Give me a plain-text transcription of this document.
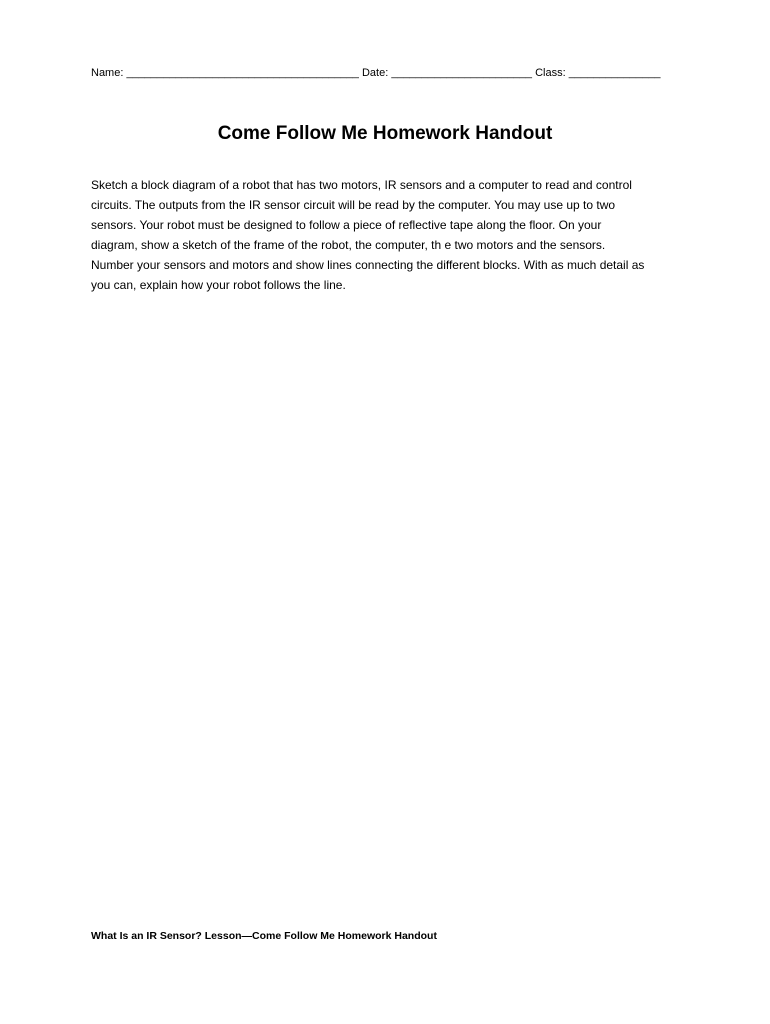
Name: ______________________________________ Date: _______________________ Class: _______________
Come Follow Me Homework Handout

Sketch a block diagram of a robot that has two motors, IR sensors and a computer to read and control

circuits. The outputs from the IR sensor circuit will be read by the computer. You may use up to two

sensors. Your robot must be designed to follow a piece of reflective tape along the floor. On your

diagram, show a sketch of the frame of the robot, the computer, th e two motors and the sensors.

Number your sensors and motors and show lines connecting the different blocks. With as much detail as

you can, explain how your robot follows the line.

What Is an IR Sensor? Lesson—Come Follow Me Homework Handout
